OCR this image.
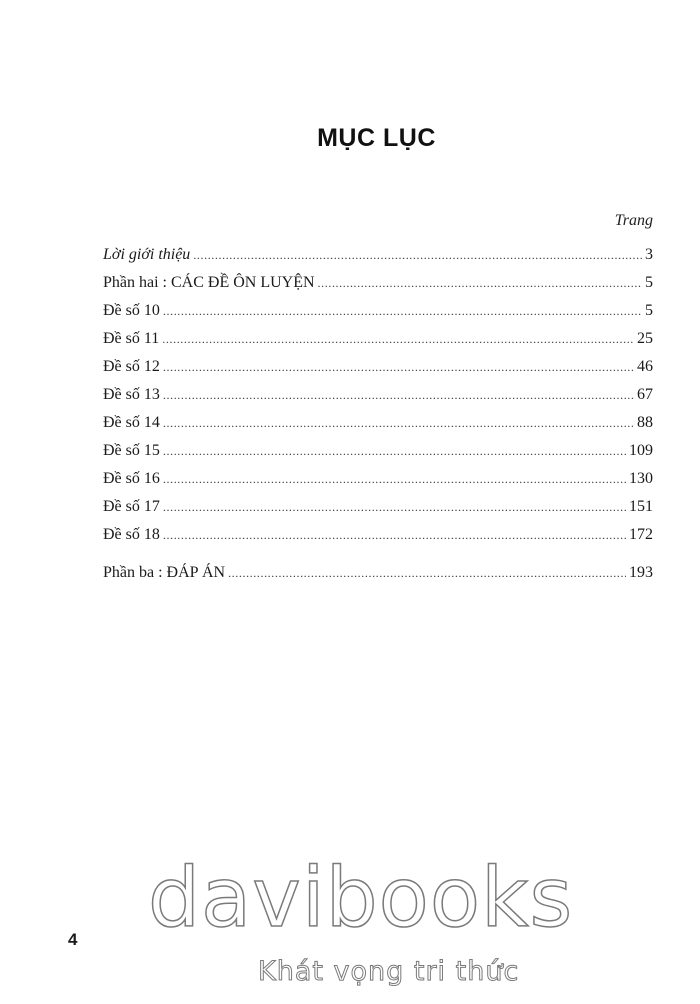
MỤC LỤC
Trang
Lời giới thiệu .....	3
Phần hai : CÁC ĐỀ ÔN LUYỆN .....	5
Đề số 10 .....	5
Đề số 11 .....	25
Đề số 12 .....	46
Đề số 13 .....	67
Đề số 14 .....	88
Đề số 15 .....	109
Đề số 16 .....	130
Đề số 17 .....	151
Đề số 18 .....	172
Phần ba : ĐÁP ÁN .....	193
4 davibooks
Khát vọng tri thức
